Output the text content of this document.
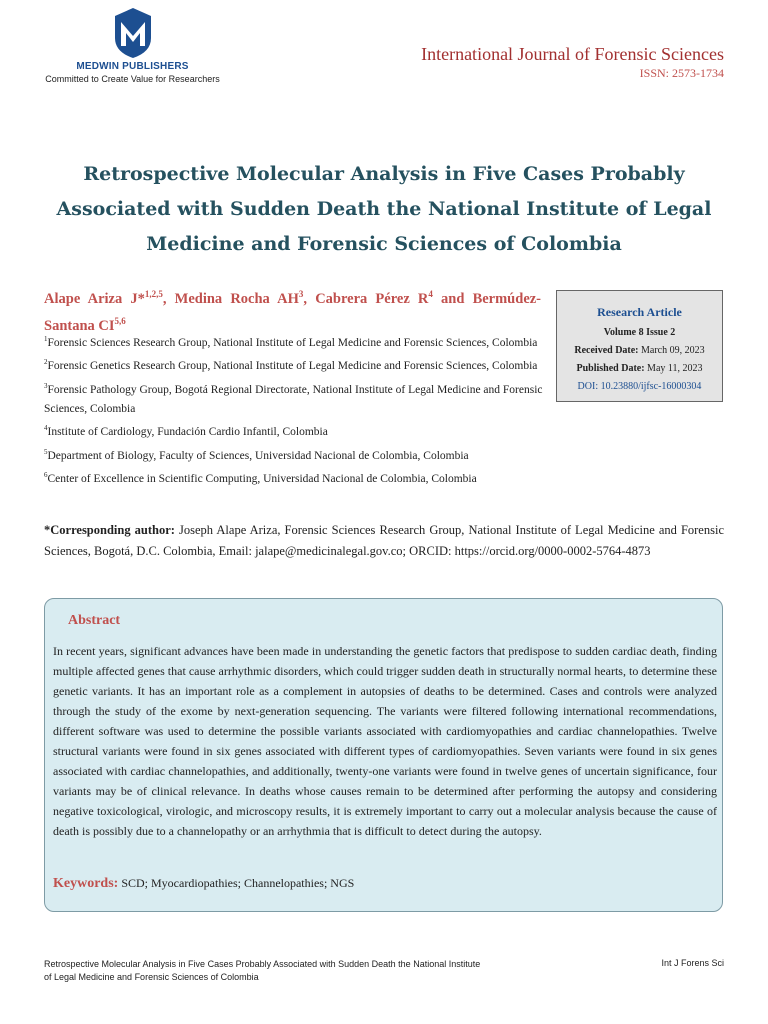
MEDWIN PUBLISHERS
Committed to Create Value for Researchers
International Journal of Forensic Sciences
ISSN: 2573-1734
Retrospective Molecular Analysis in Five Cases Probably Associated with Sudden Death the National Institute of Legal Medicine and Forensic Sciences of Colombia
Alape Ariza J*$^{1,2,5}$, Medina Rocha $AH^3$, Cabrera Pérez $R^4$ and Bermúdez-Santana CI$^{5,6}$
$^1$Forensic Sciences Research Group, National Institute of Legal Medicine and Forensic Sciences, Colombia
$^2$Forensic Genetics Research Group, National Institute of Legal Medicine and Forensic Sciences, Colombia
$^3$Forensic Pathology Group, Bogotá Regional Directorate, National Institute of Legal Medicine and Forensic Sciences, Colombia
$^4$Institute of Cardiology, Fundación Cardio Infantil, Colombia
$^5$Department of Biology, Faculty of Sciences, Universidad Nacional de Colombia, Colombia
$^6$Center of Excellence in Scientific Computing, Universidad Nacional de Colombia, Colombia
Research Article
Volume 8 Issue 2
Received Date: March 09, 2023
Published Date: May 11, 2023
DOI: 10.23880/ijfsc-16000304
*Corresponding author: Joseph Alape Ariza, Forensic Sciences Research Group, National Institute of Legal Medicine and Forensic Sciences, Bogotá, D.C. Colombia, Email: jalape@medicinalegal.gov.co; ORCID: https://orcid.org/0000-0002-5764-4873
Abstract
In recent years, significant advances have been made in understanding the genetic factors that predispose to sudden cardiac death, finding multiple affected genes that cause arrhythmic disorders, which could trigger sudden death in structurally normal hearts, to determine these genetic variants. It has an important role as a complement in autopsies of deaths to be determined. Cases and controls were analyzed through the study of the exome by next-generation sequencing. The variants were filtered following international recommendations, different software was used to determine the possible variants associated with cardiomyopathies and cardiac channelopathies. Twelve structural variants were found in six genes associated with different types of cardiomyopathies. Seven variants were found in six genes associated with cardiac channelopathies, and additionally, twenty-one variants were found in twelve genes of uncertain significance, four variants may be of clinical relevance. In deaths whose causes remain to be determined after performing the autopsy and considering negative toxicological, virologic, and microscopy results, it is extremely important to carry out a molecular analysis because the cause of death is possibly due to a channelopathy or an arrhythmia that is difficult to detect during the autopsy.
Keywords: SCD; Myocardiopathies; Channelopathies; NGS
Retrospective Molecular Analysis in Five Cases Probably Associated with Sudden Death the National Institute of Legal Medicine and Forensic Sciences of Colombia
Int J Forens Sci
